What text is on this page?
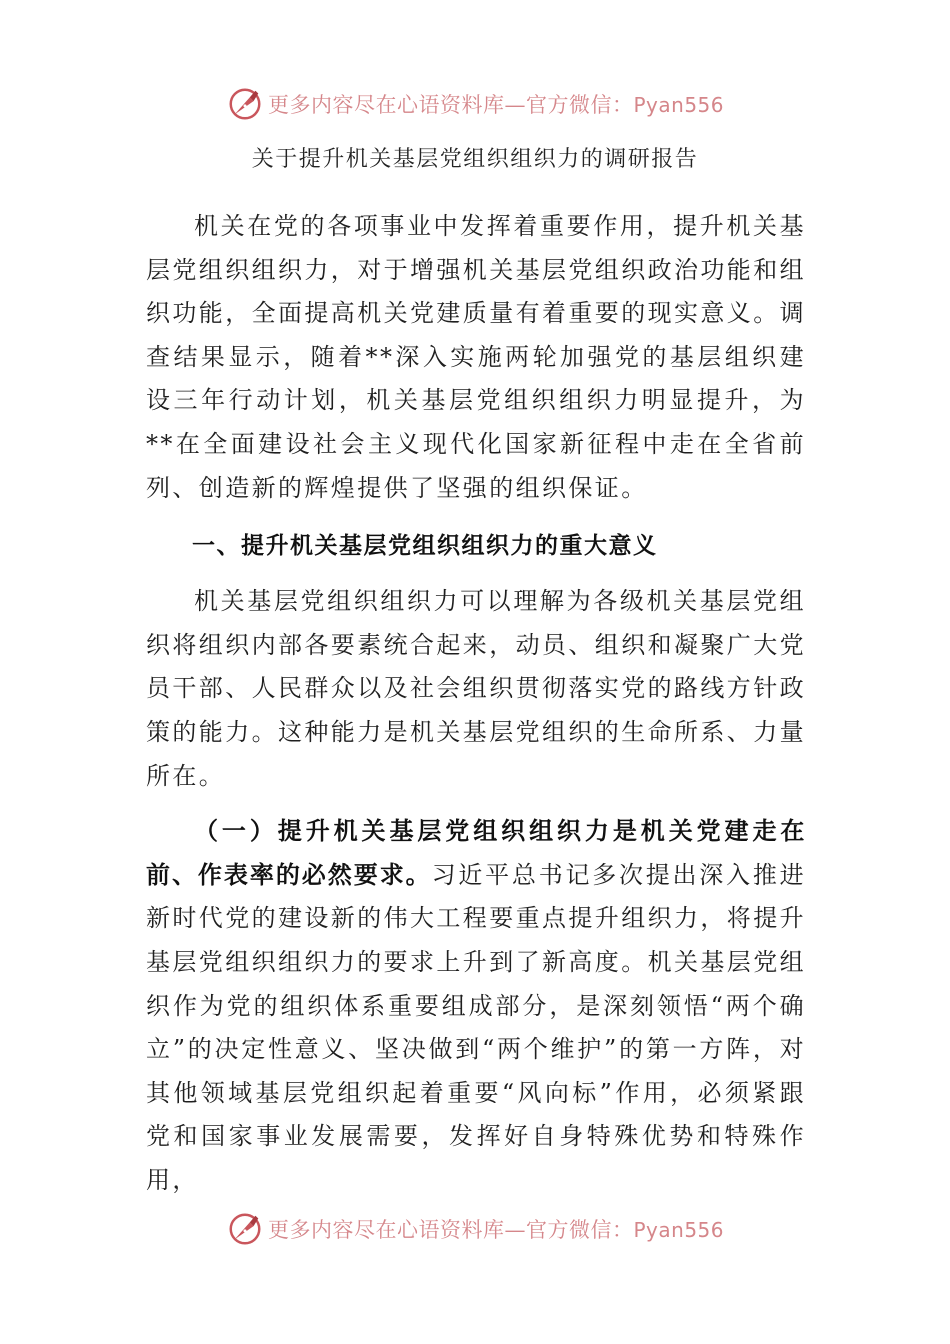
更多内容尽在心语资料库—官方微信：Pyan556
关于提升机关基层党组织组织力的调研报告

机关在党的各项事业中发挥着重要作用，提升机关基层党组织组织力，对于增强机关基层党组织政治功能和组织功能，全面提高机关党建质量有着重要的现实意义。调查结果显示，随着**深入实施两轮加强党的基层组织建设三年行动计划，机关基层党组织组织力明显提升，为**在全面建设社会主义现代化国家新征程中走在全省前列、创造新的辉煌提供了坚强的组织保证。

一、提升机关基层党组织组织力的重大意义

机关基层党组织组织力可以理解为各级机关基层党组织将组织内部各要素统合起来，动员、组织和凝聚广大党员干部、人民群众以及社会组织贯彻落实党的路线方针政策的能力。这种能力是机关基层党组织的生命所系、力量所在。

（一）提升机关基层党组织组织力是机关党建走在前、作表率的必然要求。习近平总书记多次提出深入推进新时代党的建设新的伟大工程要重点提升组织力，将提升基层党组织组织力的要求上升到了新高度。机关基层党组织作为党的组织体系重要组成部分，是深刻领悟“两个确立”的决定性意义、坚决做到“两个维护”的第一方阵，对其他领域基层党组织起着重要“风向标”作用，必须紧跟党和国家事业发展需要，发挥好自身特殊优势和特殊作用，

更多内容尽在心语资料库—官方微信：Pyan556
